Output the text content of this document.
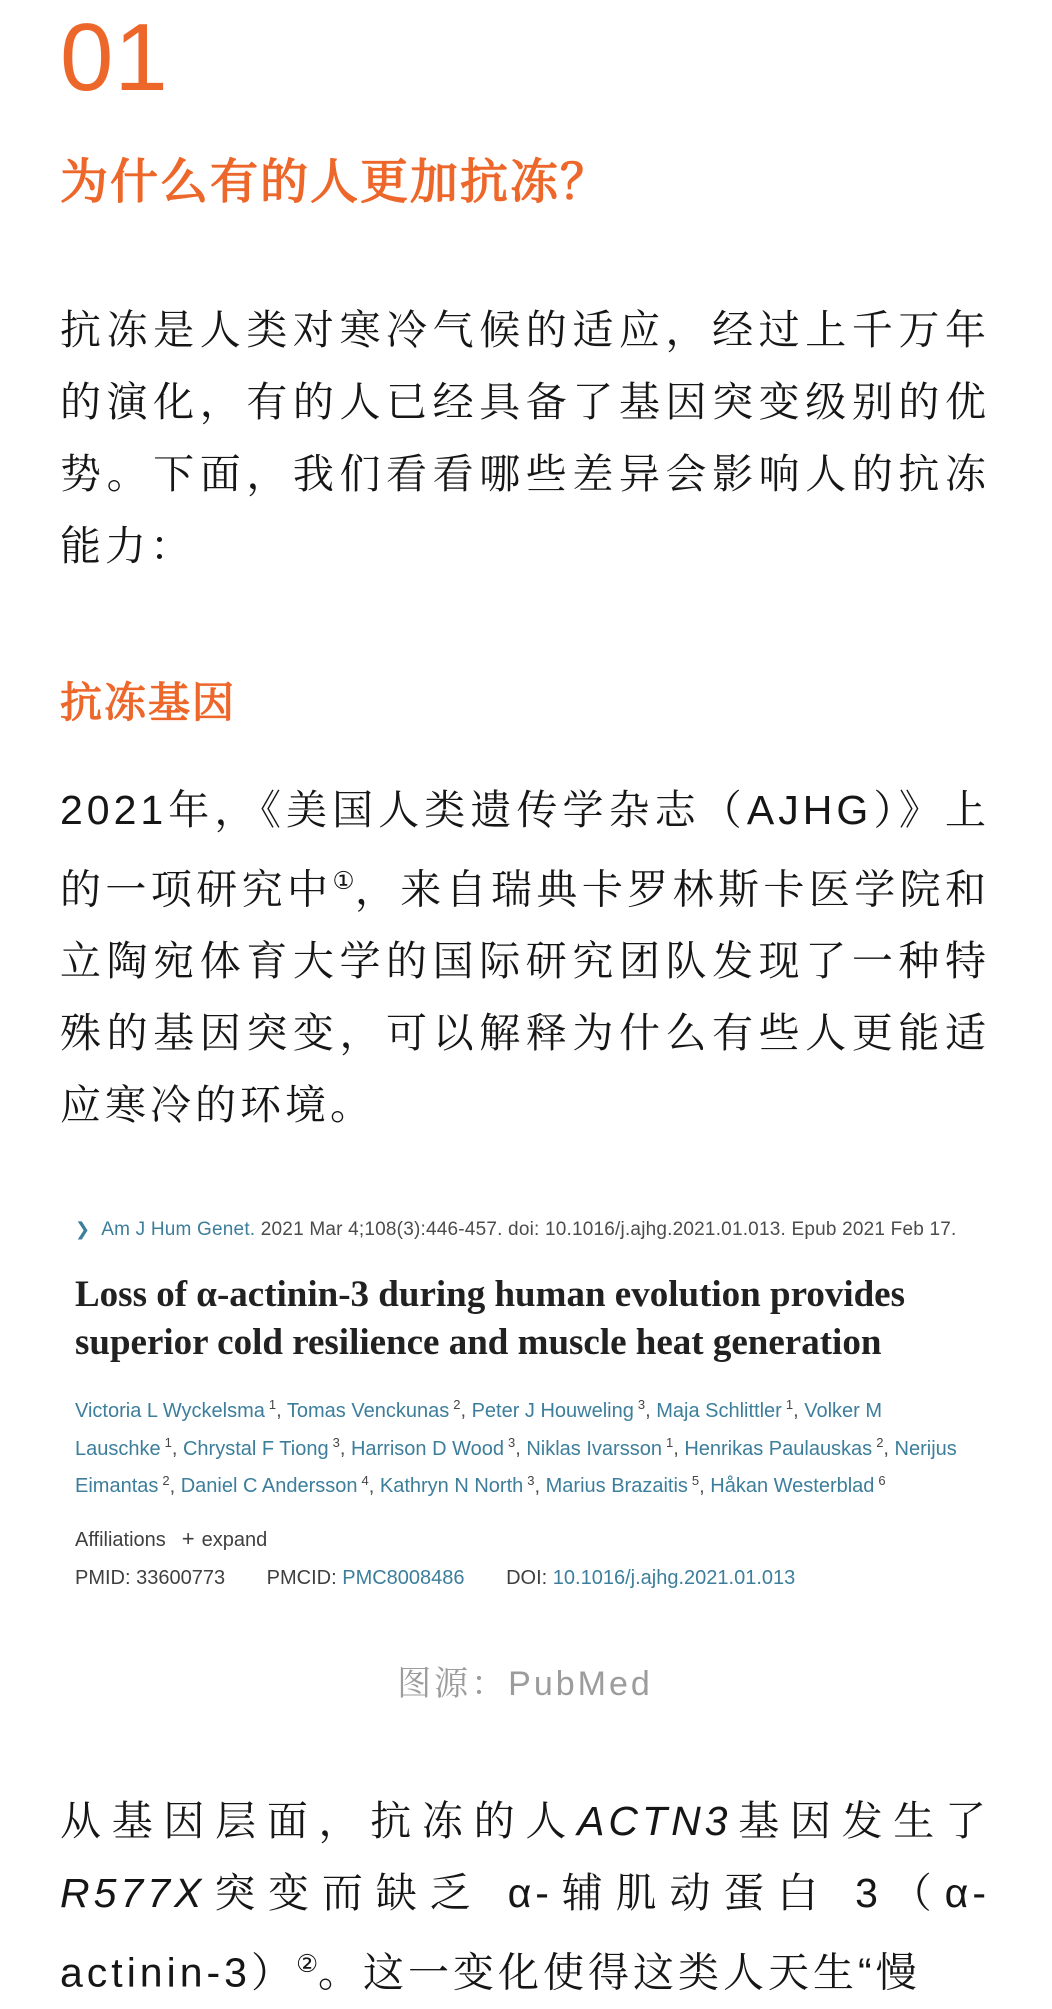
01
为什么有的人更加抗冻？

抗冻是人类对寒冷气候的适应，经过上千万年的演化，有的人已经具备了基因突变级别的优势。下面，我们看看哪些差异会影响人的抗冻能力：

抗冻基因

2021年，《美国人类遗传学杂志（AJHG）》上的一项研究中①，来自瑞典卡罗林斯卡医学院和立陶宛体育大学的国际研究团队发现了一种特殊的基因突变，可以解释为什么有些人更能适应寒冷的环境。

❯ Am J Hum Genet. 2021 Mar 4;108(3):446-457. doi: 10.1016/j.ajhg.2021.01.013. Epub 2021 Feb 17.
Loss of α-actinin-3 during human evolution provides superior cold resilience and muscle heat generation
Victoria L Wyckelsma $^1$, Tomas Venckunas $^2$, Peter J Houweling $^3$, Maja Schlittler $^1$, Volker M Lauschke $^1$, Chrystal F Tiong $^3$, Harrison D Wood $^3$, Niklas Ivarsson $^1$, Henrikas Paulauskas $^2$, Nerijus Eimantas $^2$, Daniel C Andersson $^4$, Kathryn N North $^3$, Marius Brazaitis $^5$, Håkan Westerblad $^6$
Affiliations + expand
PMID: 33600773 PMCID: PMC8008486 DOI: 10.1016/j.ajhg.2021.01.013
图源：PubMed

从基因层面，抗冻的人ACTN3基因发生了R577X突变而缺乏 α-辅肌动蛋白 3（α-actinin-3）②。这一变化使得这类人天生“慢
